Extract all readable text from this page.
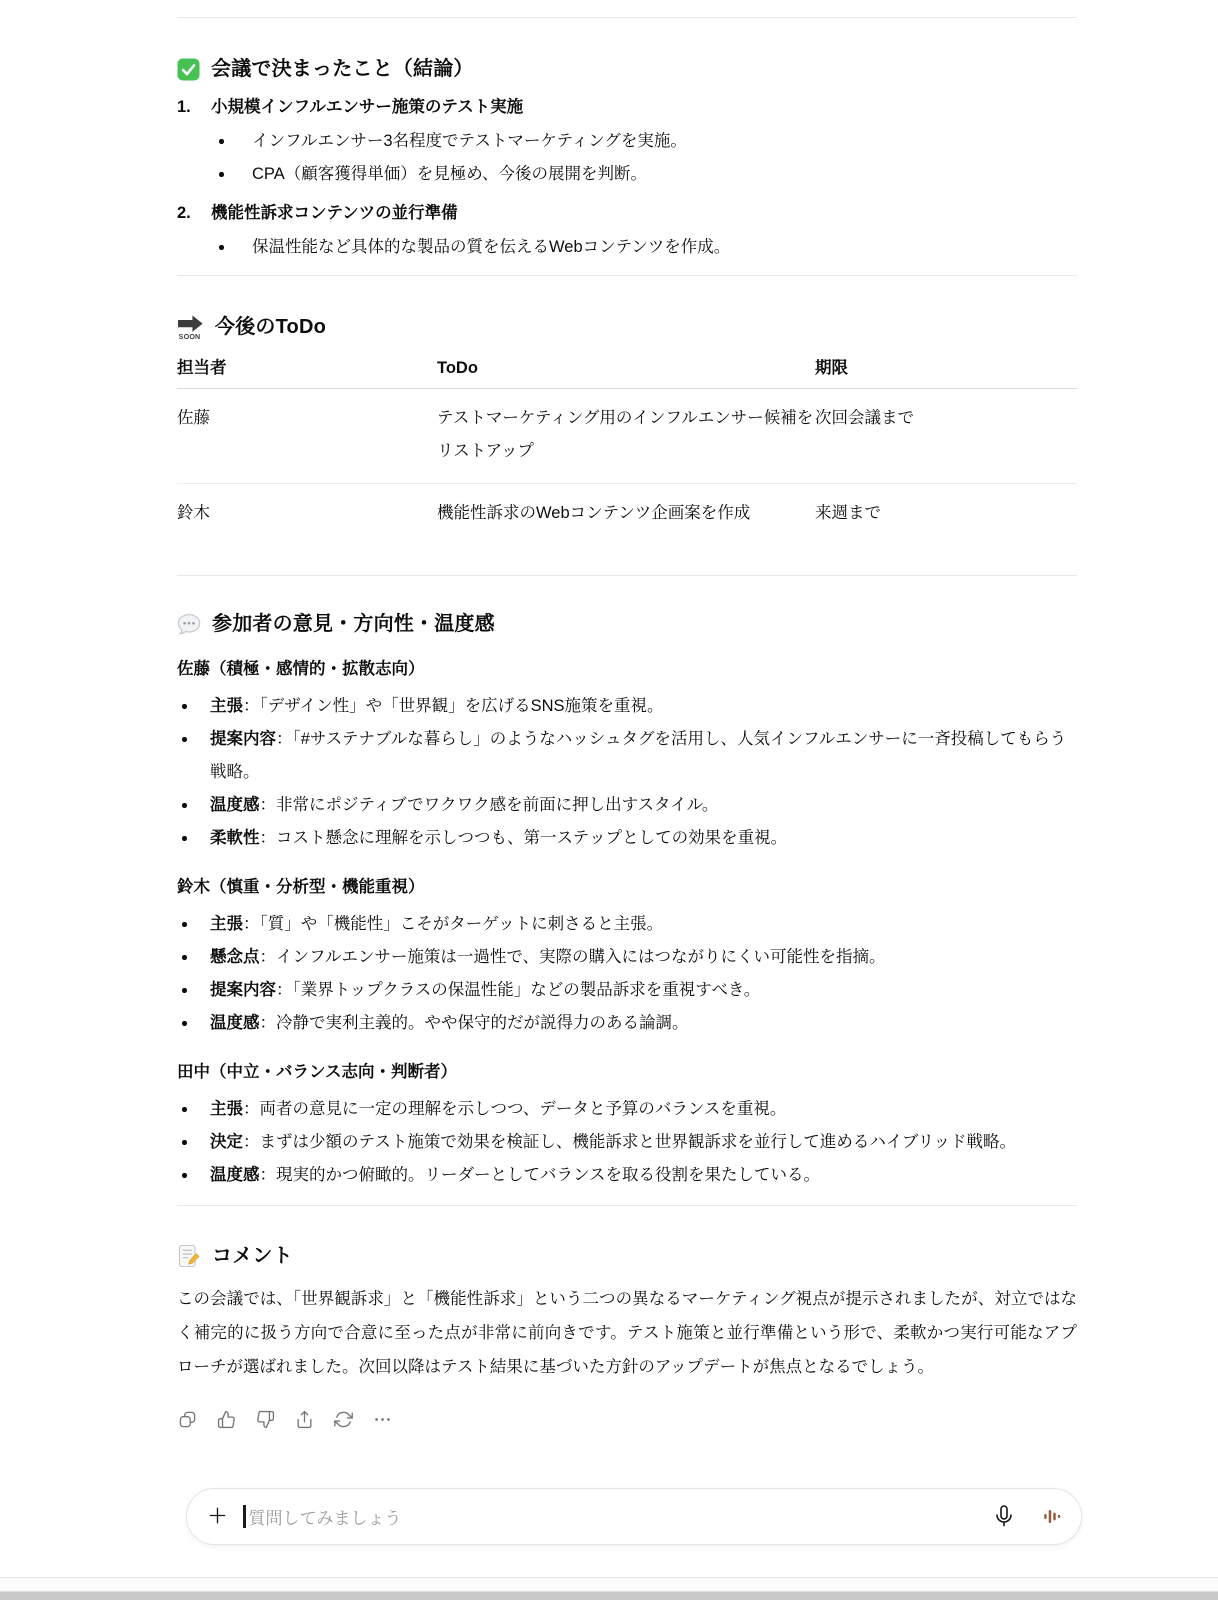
会議で決まったこと（結論）
1.	小規模インフルエンサー施策のテスト実施
インフルエンサー3名程度でテストマーケティングを実施。
CPA（顧客獲得単価）を見極め、今後の展開を判断。
2.	機能性訴求コンテンツの並行準備
保温性能など具体的な製品の質を伝えるWebコンテンツを作成。
SOON 今後のToDo
担当者	ToDo	期限
佐藤	テストマーケティング用のインフルエンサー候補をリストアップ	次回会議まで
鈴木	機能性訴求のWebコンテンツ企画案を作成	来週まで
参加者の意見・方向性・温度感
佐藤（積極・感情的・拡散志向）
主張：「デザイン性」や「世界観」を広げるSNS施策を重視。
提案内容：「#サステナブルな暮らし」のようなハッシュタグを活用し、人気インフルエンサーに一斉投稿してもらう戦略。
温度感：非常にポジティブでワクワク感を前面に押し出すスタイル。
柔軟性：コスト懸念に理解を示しつつも、第一ステップとしての効果を重視。
鈴木（慎重・分析型・機能重視）
主張：「質」や「機能性」こそがターゲットに刺さると主張。
懸念点：インフルエンサー施策は一過性で、実際の購入にはつながりにくい可能性を指摘。
提案内容：「業界トップクラスの保温性能」などの製品訴求を重視すべき。
温度感：冷静で実利主義的。やや保守的だが説得力のある論調。
田中（中立・バランス志向・判断者）
主張：両者の意見に一定の理解を示しつつ、データと予算のバランスを重視。
決定：まずは少額のテスト施策で効果を検証し、機能訴求と世界観訴求を並行して進めるハイブリッド戦略。
温度感：現実的かつ俯瞰的。リーダーとしてバランスを取る役割を果たしている。
コメント

この会議では、「世界観訴求」と「機能性訴求」という二つの異なるマーケティング視点が提示されましたが、対立ではなく補完的に扱う方向で合意に至った点が非常に前向きです。テスト施策と並行準備という形で、柔軟かつ実行可能なアプローチが選ばれました。次回以降はテスト結果に基づいた方針のアップデートが焦点となるでしょう。

質問してみましょう
